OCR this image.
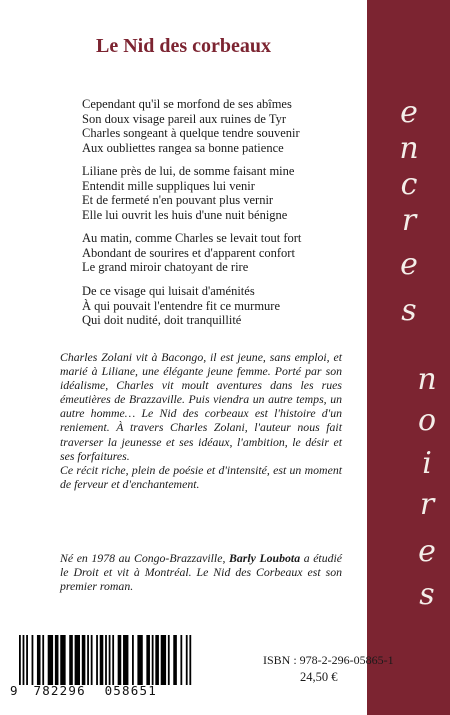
Le Nid des corbeaux
Cependant qu'il se morfond de ses abîmes
Son doux visage pareil aux ruines de Tyr
Charles songeant à quelque tendre souvenir
Aux oubliettes rangea sa bonne patience
Liliane près de lui, de somme faisant mine
Entendit mille suppliques lui venir
Et de fermeté n'en pouvant plus vernir
Elle lui ouvrit les huis d'une nuit bénigne
Au matin, comme Charles se levait tout fort
Abondant de sourires et d'apparent confort
Le grand miroir chatoyant de rire
De ce visage qui luisait d'aménités
À qui pouvait l'entendre fit ce murmure
Qui doit nudité, doit tranquillité
Charles Zolani vit à Bacongo, il est jeune, sans emploi, et marié à Liliane, une élégante jeune femme. Porté par son idéalisme, Charles vit moult aventures dans les rues émeutières de Brazzaville. Puis viendra un autre temps, un autre homme… Le Nid des corbeaux est l'histoire d'un reniement. À travers Charles Zolani, l'auteur nous fait traverser la jeunesse et ses idéaux, l'ambition, le désir et ses forfaitures.
Ce récit riche, plein de poésie et d'intensité, est un moment de ferveur et d'enchantement.
Né en 1978 au Congo-Brazzaville, Barly Loubota a étudié le Droit et vit à Montréal. Le Nid des Corbeaux est son premier roman.
e
n
c
r
e
s
n
o
i
r
e
s
9 782296 058651
ISBN : 978-2-296-05865-1
24,50 €
